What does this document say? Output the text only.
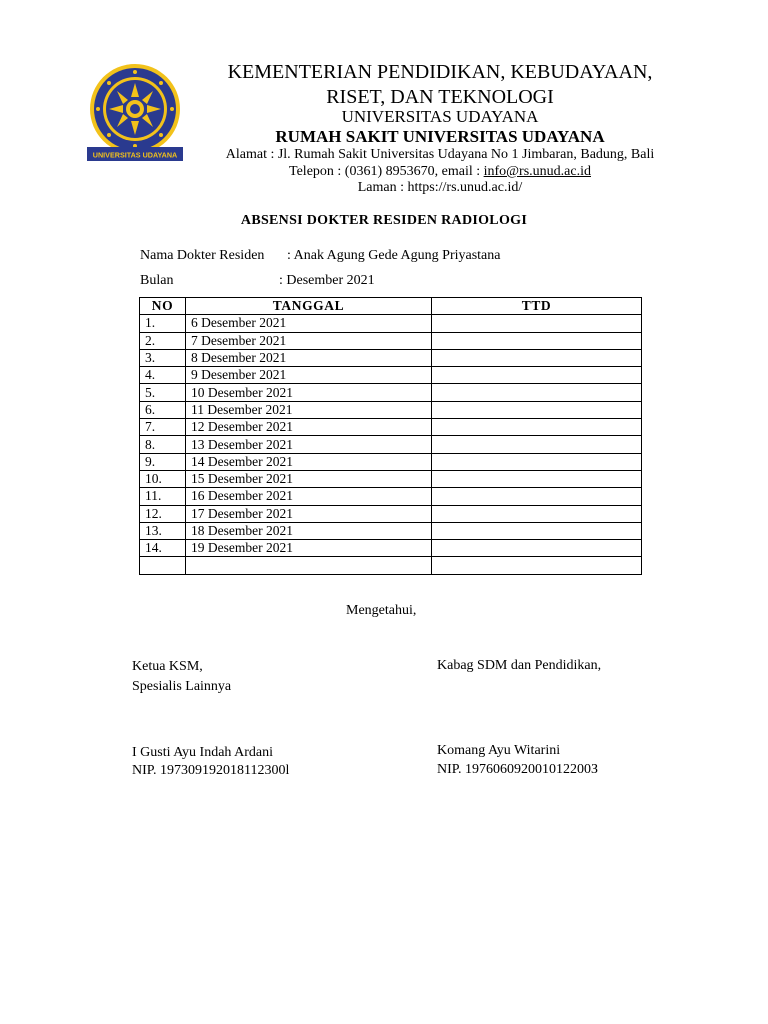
UNIVERSITAS UDAYANA
KEMENTERIAN PENDIDIKAN, KEBUDAYAAN,
RISET, DAN TEKNOLOGI
UNIVERSITAS UDAYANA
RUMAH SAKIT UNIVERSITAS UDAYANA
Alamat : Jl. Rumah Sakit Universitas Udayana No 1 Jimbaran, Badung, Bali
Telepon : (0361) 8953670, email : info@rs.unud.ac.id
Laman : https://rs.unud.ac.id/
ABSENSI DOKTER RESIDEN RADIOLOGI
Nama Dokter Residen : Anak Agung Gede Agung Priyastana
Bulan	: Desember 2021
NO	TANGGAL	TTD
1.	6 Desember 2021	
2.	7 Desember 2021	
3.	8 Desember 2021	
4.	9 Desember 2021	
5.	10 Desember 2021	
6.	11 Desember 2021	
7.	12 Desember 2021	
8.	13 Desember 2021	
9.	14 Desember 2021	
10.	15 Desember 2021	
11.	16 Desember 2021	
12.	17 Desember 2021	
13.	18 Desember 2021	
14.	19 Desember 2021	

Mengetahui,
Ketua KSM,
Spesialis Lainnya
Kabag SDM dan Pendidikan,
I Gusti Ayu Indah Ardani
NIP. 197309192018112300l
Komang Ayu Witarini
NIP. 197606092001012200З
